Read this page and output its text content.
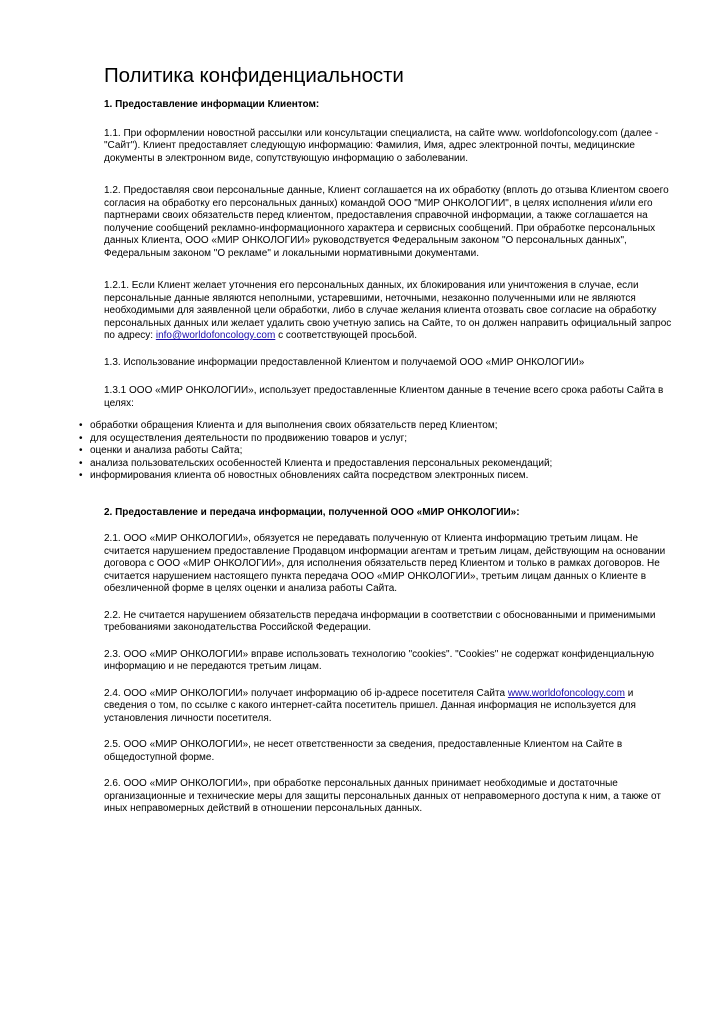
Политика конфиденциальности

1. Предоставление информации Клиентом:

1.1. При оформлении новостной рассылки или консультации специалиста, на сайте www. worldofoncology.com (далее - "Сайт"). Клиент предоставляет следующую информацию: Фамилия, Имя, адрес электронной почты, медицинские документы в электронном виде, сопутствующую информацию о заболевании.

1.2. Предоставляя свои персональные данные, Клиент соглашается на их обработку (вплоть до отзыва Клиентом своего согласия на обработку его персональных данных) командой ООО "МИР ОНКОЛОГИИ", в целях исполнения и/или его партнерами своих обязательств перед клиентом, предоставления справочной информации, а также соглашается на получение сообщений рекламно-информационного характера и сервисных сообщений. При обработке персональных данных Клиента, ООО «МИР ОНКОЛОГИИ» руководствуется Федеральным законом "О персональных данных", Федеральным законом "О рекламе" и локальными нормативными документами.

1.2.1. Если Клиент желает уточнения его персональных данных, их блокирования или уничтожения в случае, если персональные данные являются неполными, устаревшими, неточными, незаконно полученными или не являются необходимыми для заявленной цели обработки, либо в случае желания клиента отозвать свое согласие на обработку персональных данных или желает удалить свою учетную запись на Сайте, то он должен направить официальный запрос по адресу: info@worldofoncology.com с соответствующей просьбой.

1.3. Использование информации предоставленной Клиентом и получаемой ООО «МИР ОНКОЛОГИИ»

1.3.1 ООО «МИР ОНКОЛОГИИ», использует предоставленные Клиентом данные в течение всего срока работы Сайта в целях:

• обработки обращения Клиента и для выполнения своих обязательств перед Клиентом;
• для осуществления деятельности по продвижению товаров и услуг;
• оценки и анализа работы Сайта;
• анализа пользовательских особенностей Клиента и предоставления персональных рекомендаций;
• информирования клиента об новостных обновлениях сайта посредством электронных писем.

2. Предоставление и передача информации, полученной ООО «МИР ОНКОЛОГИИ»:

2.1. ООО «МИР ОНКОЛОГИИ», обязуется не передавать полученную от Клиента информацию третьим лицам. Не считается нарушением предоставление Продавцом информации агентам и третьим лицам, действующим на основании договора с ООО «МИР ОНКОЛОГИИ», для исполнения обязательств перед Клиентом и только в рамках договоров. Не считается нарушением настоящего пункта передача ООО «МИР ОНКОЛОГИИ», третьим лицам данных о Клиенте в обезличенной форме в целях оценки и анализа работы Сайта.

2.2. Не считается нарушением обязательств передача информации в соответствии с обоснованными и применимыми требованиями законодательства Российской Федерации.

2.3. ООО «МИР ОНКОЛОГИИ» вправе использовать технологию "cookies". "Cookies" не содержат конфиденциальную информацию и не передаются третьим лицам.

2.4. ООО «МИР ОНКОЛОГИИ» получает информацию об ip-адресе посетителя Сайта www.worldofoncology.com и сведения о том, по ссылке с какого интернет-сайта посетитель пришел. Данная информация не используется для установления личности посетителя.

2.5. ООО «МИР ОНКОЛОГИИ», не несет ответственности за сведения, предоставленные Клиентом на Сайте в общедоступной форме.

2.6. ООО «МИР ОНКОЛОГИИ», при обработке персональных данных принимает необходимые и достаточные организационные и технические меры для защиты персональных данных от неправомерного доступа к ним, а также от иных неправомерных действий в отношении персональных данных.
